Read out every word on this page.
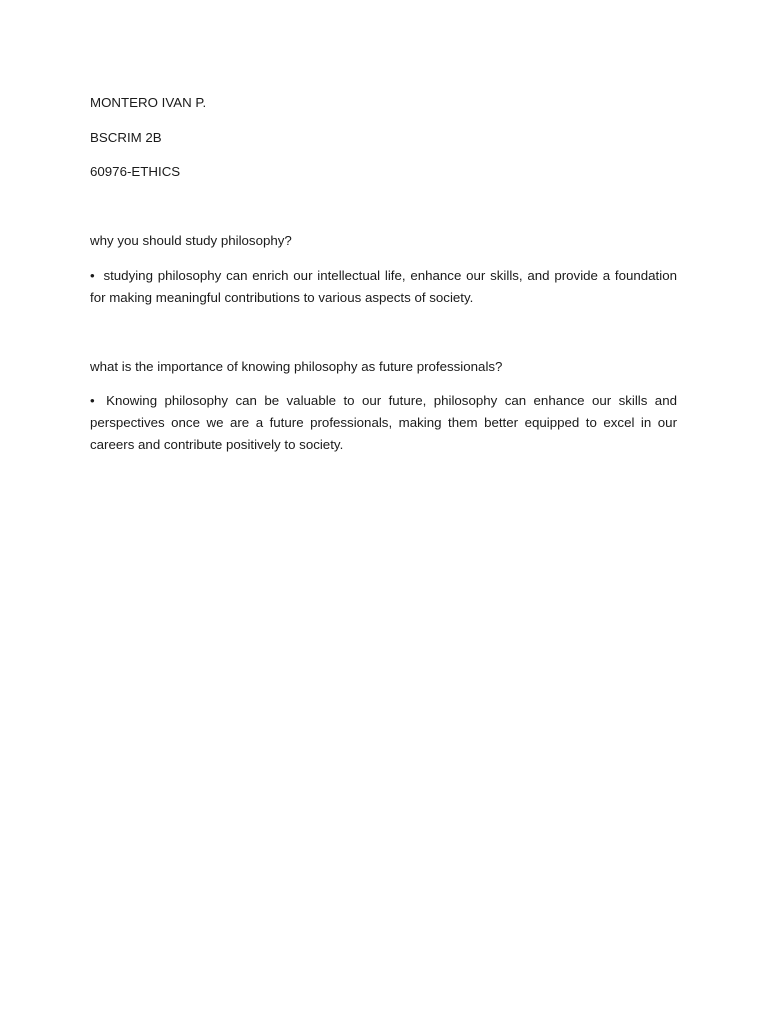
MONTERO IVAN P.

BSCRIM 2B

60976-ETHICS

why you should study philosophy?

• studying philosophy can enrich our intellectual life, enhance our skills, and provide a foundation for making meaningful contributions to various aspects of society.

what is the importance of knowing philosophy as future professionals?

• Knowing philosophy can be valuable to our future, philosophy can enhance our skills and perspectives once we are a future professionals, making them better equipped to excel in our careers and contribute positively to society.
